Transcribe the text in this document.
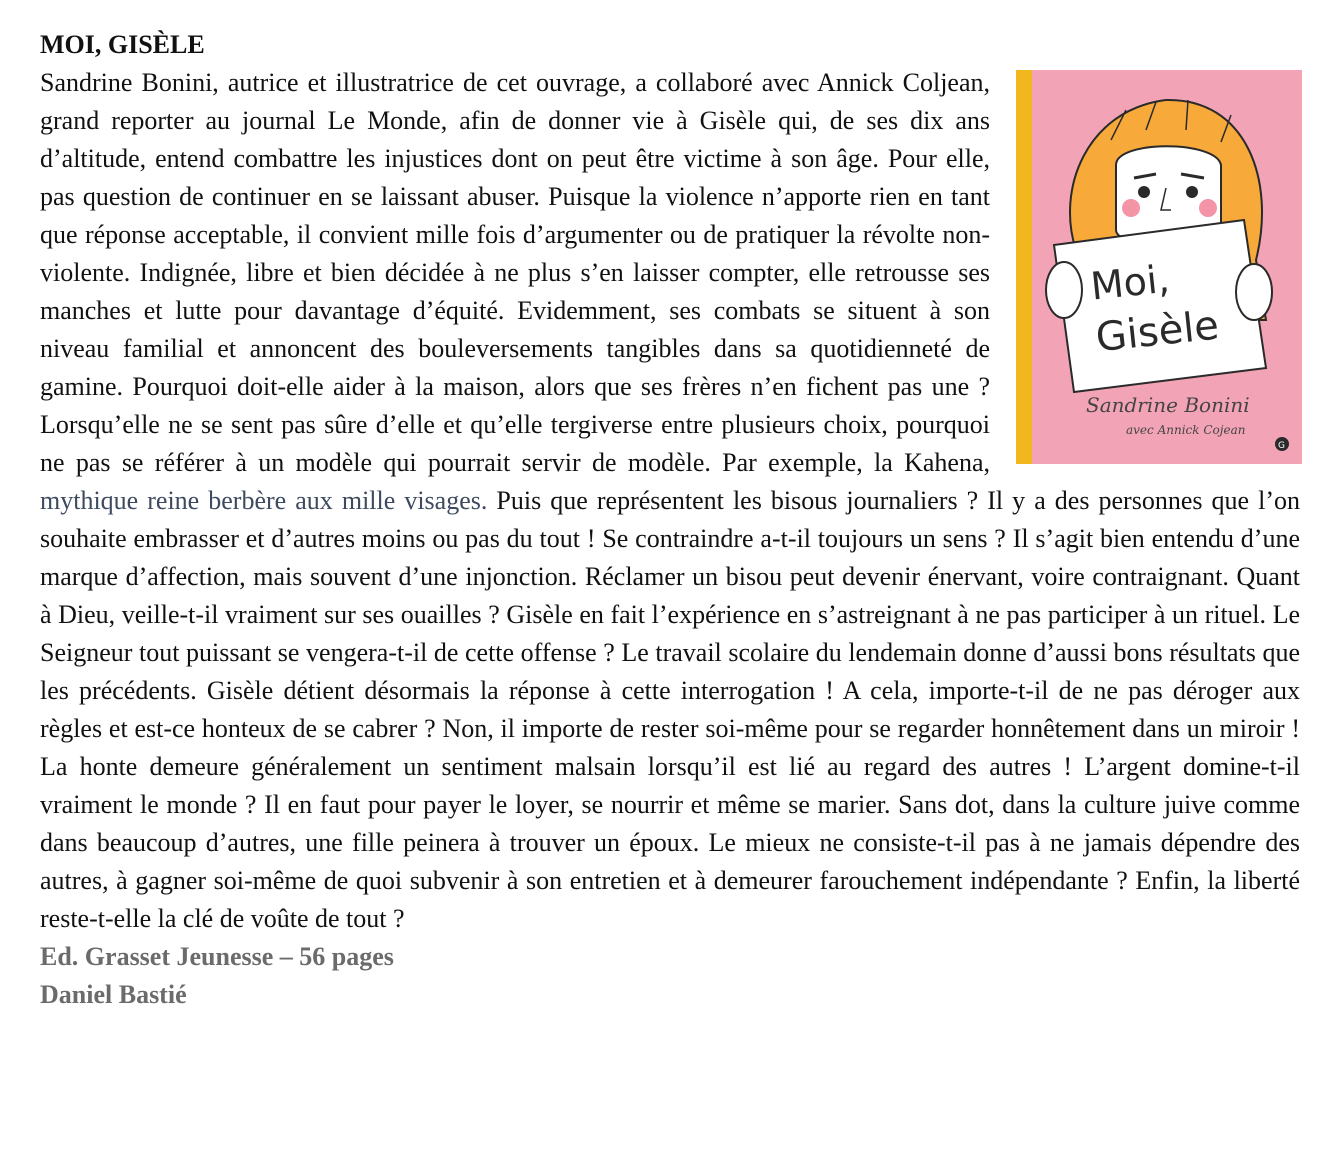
MOI, GISÈLE
Moi,
Gisèle
Sandrine Bonini
avec Annick Cojean
G

Sandrine Bonini, autrice et illustratrice de cet ouvrage, a collaboré avec Annick Coljean, grand reporter au journal Le Monde, afin de donner vie à Gisèle qui, de ses dix ans d’altitude, entend combattre les injustices dont on peut être victime à son âge. Pour elle, pas question de continuer en se laissant abuser. Puisque la violence n’apporte rien en tant que réponse acceptable, il convient mille fois d’argumenter ou de pratiquer la révolte non-violente. Indignée, libre et bien décidée à ne plus s’en laisser compter, elle retrousse ses manches et lutte pour davantage d’équité. Evidemment, ses combats se situent à son niveau familial et annoncent des bouleversements tangibles dans sa quotidienneté de gamine. Pourquoi doit-elle aider à la maison, alors que ses frères n’en fichent pas une ? Lorsqu’elle ne se sent pas sûre d’elle et qu’elle tergiverse entre plusieurs choix, pourquoi ne pas se référer à un modèle qui pourrait servir de modèle. Par exemple, la Kahena, mythique reine berbère aux mille visages. Puis que représentent les bisous journaliers ? Il y a des personnes que l’on souhaite embrasser et d’autres moins ou pas du tout ! Se contraindre a-t-il toujours un sens ? Il s’agit bien entendu d’une marque d’affection, mais souvent d’une injonction. Réclamer un bisou peut devenir énervant, voire contraignant. Quant à Dieu, veille-t-il vraiment sur ses ouailles ? Gisèle en fait l’expérience en s’astreignant à ne pas participer à un rituel. Le Seigneur tout puissant se vengera-t-il de cette offense ? Le travail scolaire du lendemain donne d’aussi bons résultats que les précédents. Gisèle détient désormais la réponse à cette interrogation ! A cela, importe-t-il de ne pas déroger aux règles et est-ce honteux de se cabrer ? Non, il importe de rester soi-même pour se regarder honnêtement dans un miroir ! La honte demeure généralement un sentiment malsain lorsqu’il est lié au regard des autres ! L’argent domine-t-il vraiment le monde ? Il en faut pour payer le loyer, se nourrir et même se marier. Sans dot, dans la culture juive comme dans beaucoup d’autres, une fille peinera à trouver un époux. Le mieux ne consiste-t-il pas à ne jamais dépendre des autres, à gagner soi-même de quoi subvenir à son entretien et à demeurer farouchement indépendante ? Enfin, la liberté reste-t-elle la clé de voûte de tout ?

Ed. Grasset Jeunesse – 56 pages

Daniel Bastié
